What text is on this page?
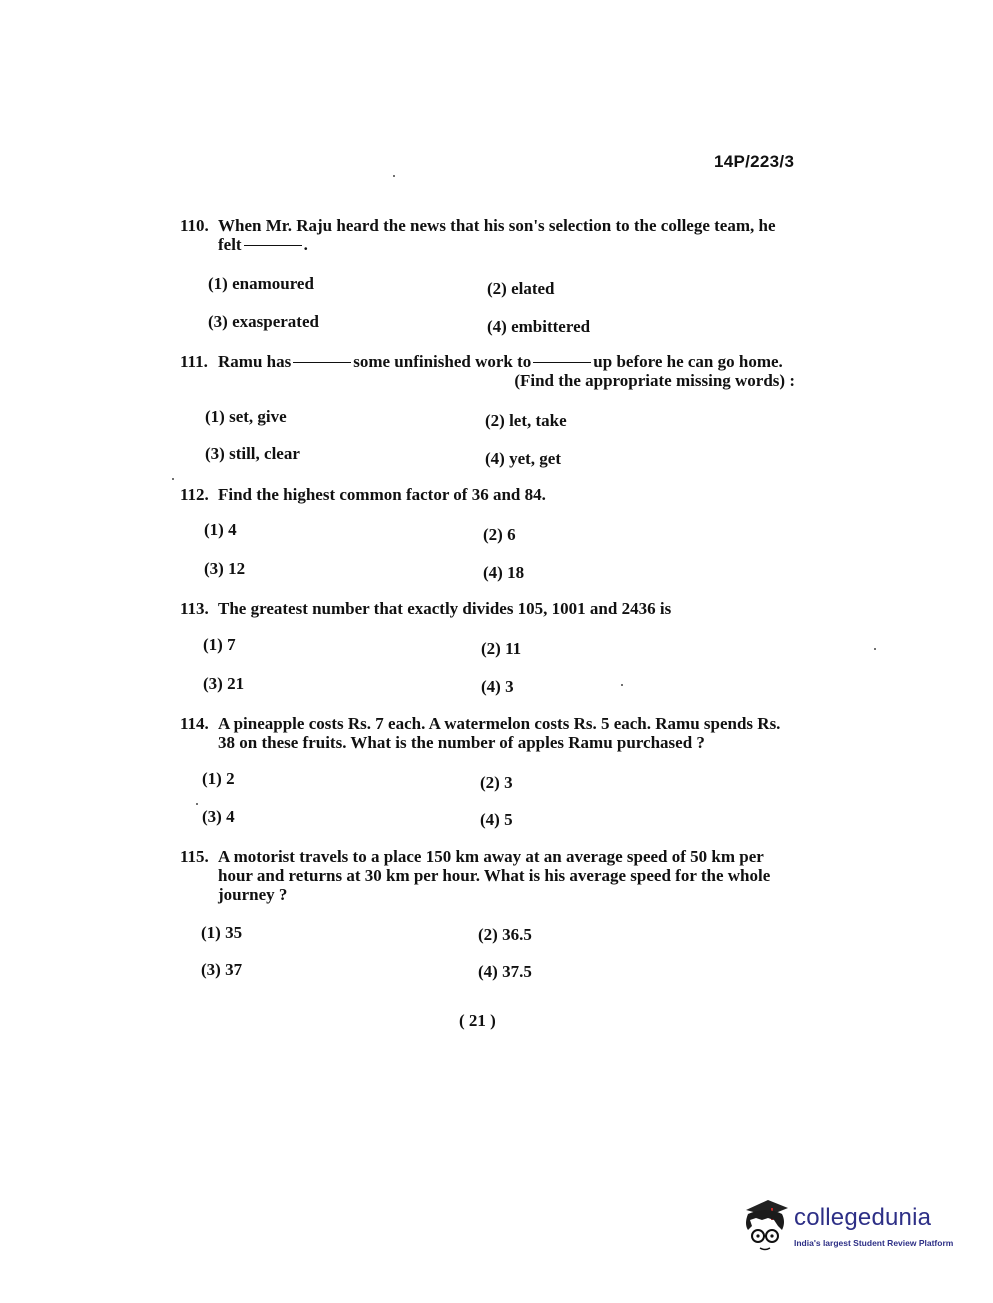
14P/223/3
110. When Mr. Raju heard the news that his son's selection to the college team, he felt	.
(1) enamoured	(2) elated
(3) exasperated	(4) embittered
111. Ramu has	some unfinished work to	up before he can go home.
(Find the appropriate missing words) :
(1) set, give	(2) let, take
(3) still, clear	(4) yet, get
112. Find the highest common factor of 36 and 84.
(1) 4	(2) 6
(3) 12	(4) 18
113. The greatest number that exactly divides 105, 1001 and 2436 is
(1) 7	(2) 11
(3) 21	(4) 3
114. A pineapple costs Rs. 7 each. A watermelon costs Rs. 5 each. Ramu spends Rs. 38 on these fruits. What is the number of apples Ramu purchased ?
(1) 2	(2) 3
(3) 4	(4) 5
115. A motorist travels to a place 150 km away at an average speed of 50 km per hour and returns at 30 km per hour. What is his average speed for the whole journey ?
(1) 35	(2) 36.5
(3) 37	(4) 37.5
( 21 )
collegedunia
India's largest Student Review Platform
